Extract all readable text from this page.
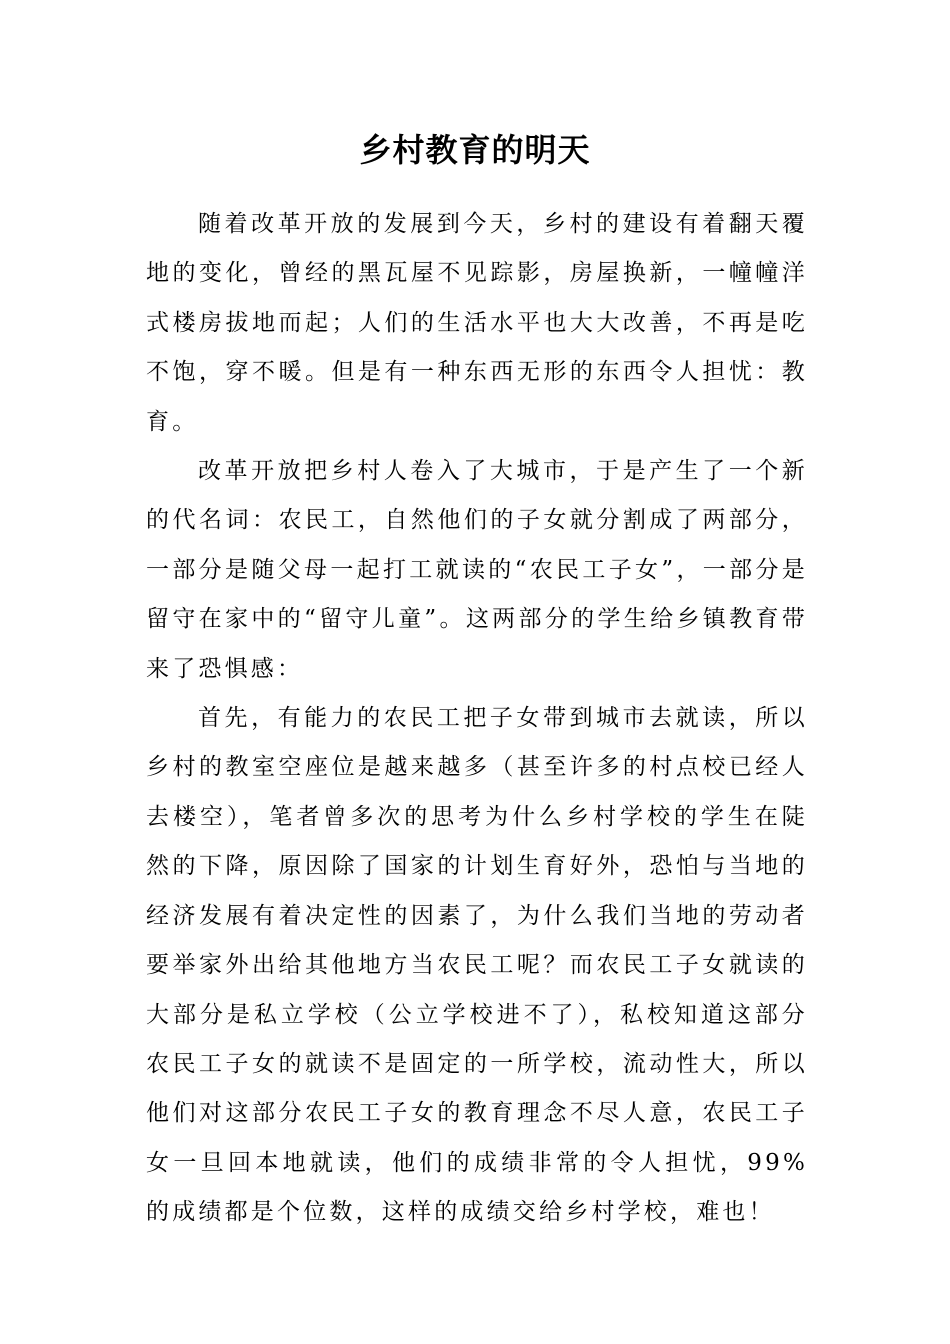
乡村教育的明天

随着改革开放的发展到今天，乡村的建设有着翻天覆地的变化，曾经的黑瓦屋不见踪影，房屋换新，一幢幢洋式楼房拔地而起；人们的生活水平也大大改善，不再是吃不饱，穿不暖。但是有一种东西无形的东西令人担忧：教育。

改革开放把乡村人卷入了大城市，于是产生了一个新的代名词：农民工，自然他们的子女就分割成了两部分，一部分是随父母一起打工就读的“农民工子女”，一部分是留守在家中的“留守儿童”。这两部分的学生给乡镇教育带来了恐惧感：

首先，有能力的农民工把子女带到城市去就读，所以乡村的教室空座位是越来越多（甚至许多的村点校已经人去楼空），笔者曾多次的思考为什么乡村学校的学生在陡然的下降，原因除了国家的计划生育好外，恐怕与当地的经济发展有着决定性的因素了，为什么我们当地的劳动者要举家外出给其他地方当农民工呢？而农民工子女就读的大部分是私立学校（公立学校进不了），私校知道这部分农民工子女的就读不是固定的一所学校，流动性大，所以他们对这部分农民工子女的教育理念不尽人意，农民工子女一旦回本地就读，他们的成绩非常的令人担忧，99%的成绩都是个位数，这样的成绩交给乡村学校，难也！
